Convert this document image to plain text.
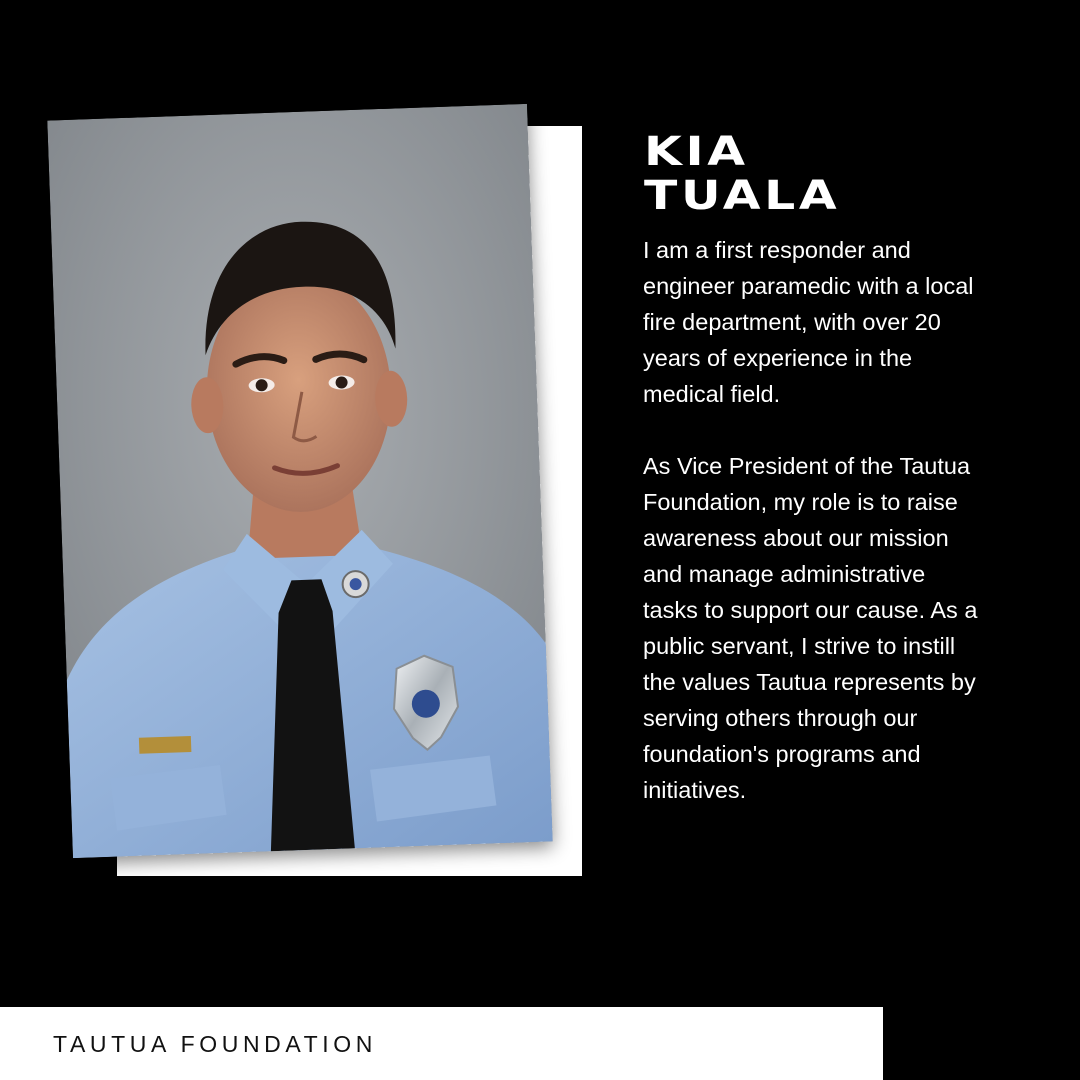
KIA
TUALA

I am a first responder and engineer paramedic with a local fire department, with over 20 years of experience in the medical field.

As Vice President of the Tautua Foundation, my role is to raise awareness about our mission and manage administrative tasks to support our cause. As a public servant, I strive to instill the values Tautua represents by serving others through our foundation's programs and initiatives.

TAUTUA FOUNDATION
